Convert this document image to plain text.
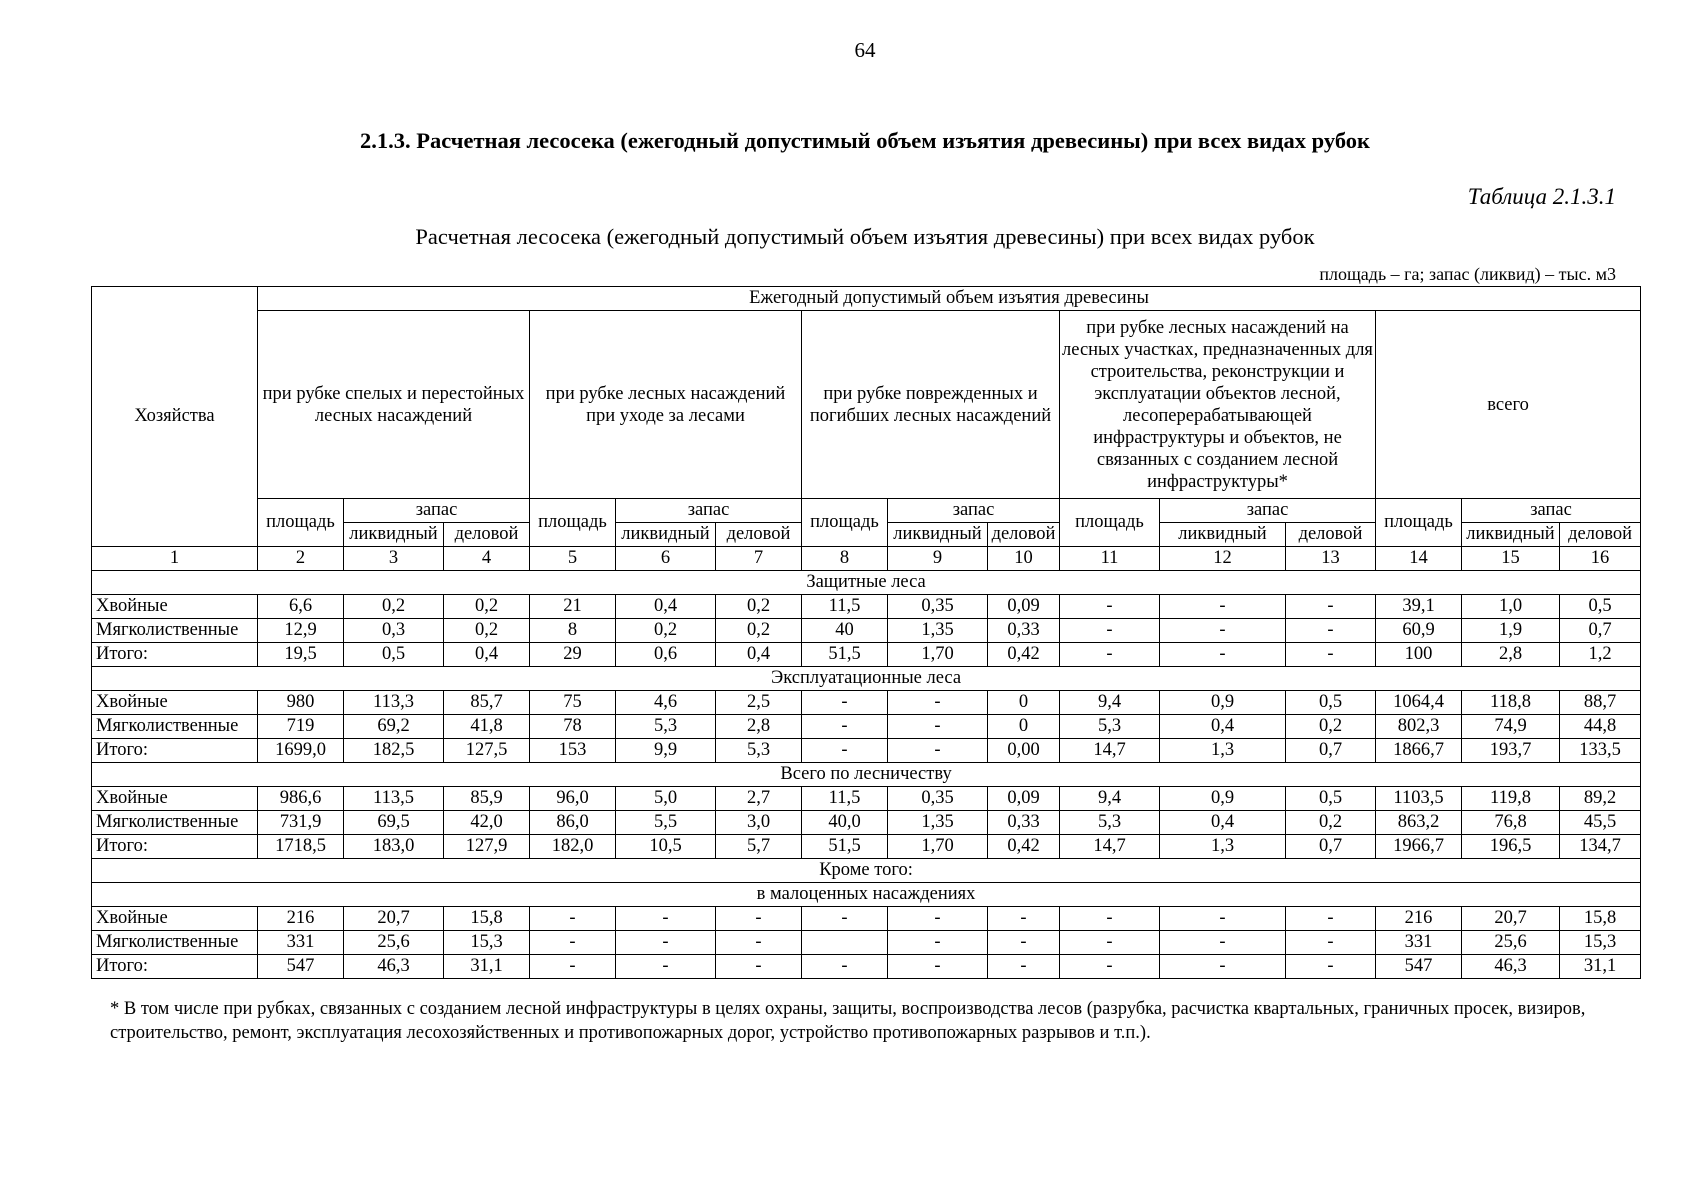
64
2.1.3. Расчетная лесосека (ежегодный допустимый объем изъятия древесины) при всех видах рубок
Таблица 2.1.3.1
Расчетная лесосека (ежегодный допустимый объем изъятия древесины) при всех видах рубок
площадь – га; запас (ликвид) – тыс. м3
Хозяйства	Ежегодный допустимый объем изъятия древесины														
	при рубке спелых и перестойных лесных насаждений			при рубке лесных насаждений при уходе за лесами			при рубке поврежденных и погибших лесных насаждений			при рубке лесных насаждений на лесных участках, предназначенных для строительства, реконструкции и эксплуатации объектов лесной, лесоперерабатывающей инфраструктуры и объектов, не связанных с созданием лесной инфраструктуры*			всего		
	площадь	запас		площадь	запас		площадь	запас		площадь	запас		площадь	запас	
		ликвидный	деловой		ликвидный	деловой		ликвидный	деловой		ликвидный	деловой		ликвидный	деловой
1	2	3	4	5	6	7	8	9	10	11	12	13	14	15	16
Защитные леса															
Хвойные	6,6	0,2	0,2	21	0,4	0,2	11,5	0,35	0,09	-	-	-	39,1	1,0	0,5
Мягколиственные	12,9	0,3	0,2	8	0,2	0,2	40	1,35	0,33	-	-	-	60,9	1,9	0,7
Итого:	19,5	0,5	0,4	29	0,6	0,4	51,5	1,70	0,42	-	-	-	100	2,8	1,2
Эксплуатационные леса															
Хвойные	980	113,3	85,7	75	4,6	2,5	-	-	0	9,4	0,9	0,5	1064,4	118,8	88,7
Мягколиственные	719	69,2	41,8	78	5,3	2,8	-	-	0	5,3	0,4	0,2	802,3	74,9	44,8
Итого:	1699,0	182,5	127,5	153	9,9	5,3	-	-	0,00	14,7	1,3	0,7	1866,7	193,7	133,5
Всего по лесничеству															
Хвойные	986,6	113,5	85,9	96,0	5,0	2,7	11,5	0,35	0,09	9,4	0,9	0,5	1103,5	119,8	89,2
Мягколиственные	731,9	69,5	42,0	86,0	5,5	3,0	40,0	1,35	0,33	5,3	0,4	0,2	863,2	76,8	45,5
Итого:	1718,5	183,0	127,9	182,0	10,5	5,7	51,5	1,70	0,42	14,7	1,3	0,7	1966,7	196,5	134,7
Кроме того:															
в малоценных насаждениях															
Хвойные	216	20,7	15,8	-	-	-	-	-	-	-	-	-	216	20,7	15,8
Мягколиственные	331	25,6	15,3	-	-	-		-	-	-	-	-	331	25,6	15,3
Итого:	547	46,3	31,1	-	-	-	-	-	-	-	-	-	547	46,3	31,1
* В том числе при рубках, связанных с созданием лесной инфраструктуры в целях охраны, защиты, воспроизводства лесов (разрубка, расчистка квартальных, граничных просек, визиров, строительство, ремонт, эксплуатация лесохозяйственных и противопожарных дорог, устройство противопожарных разрывов и т.п.).
